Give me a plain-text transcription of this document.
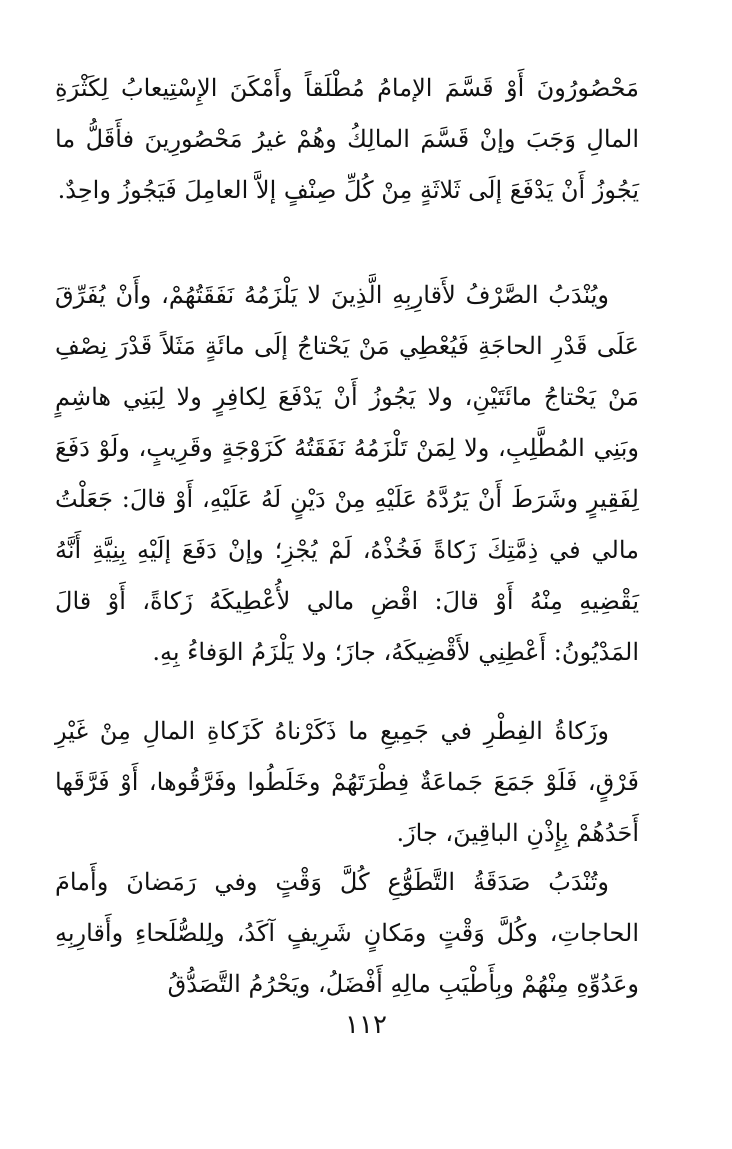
مَحْصُورُونَ أَوْ قَسَّمَ الإمامُ مُطْلَقاً وأَمْكَنَ الإِسْتِيعابُ لِكَثْرَةِ المالِ وَجَبَ وإنْ قَسَّمَ المالِكُ وهُمْ غيرُ مَحْصُورِينَ فأَقَلُّ ما يَجُوزُ أَنْ يَدْفَعَ إلَى ثَلاثَةٍ مِنْ كُلِّ صِنْفٍ إلاَّ العامِلَ فَيَجُوزُ واحِدٌ.

ويُنْدَبُ الصَّرْفُ لأَقارِبِهِ الَّذِينَ لا يَلْزَمُهُ نَفَقَتُهُمْ، وأَنْ يُفَرِّقَ عَلَى قَدْرِ الحاجَةِ فَيُعْطِي مَنْ يَحْتاجُ إلَى مائَةٍ مَثَلاً قَدْرَ نِصْفِ مَنْ يَحْتاجُ مائَتَيْنِ، ولا يَجُوزُ أَنْ يَدْفَعَ لِكافِرٍ ولا لِبَنِي هاشِمٍ وبَنِي المُطَّلِبِ، ولا لِمَنْ تَلْزَمُهُ نَفَقَتُهُ كَزَوْجَةٍ وقَرِيبٍ، ولَوْ دَفَعَ لِفَقِيرٍ وشَرَطَ أَنْ يَرُدَّهُ عَلَيْهِ مِنْ دَيْنٍ لَهُ عَلَيْهِ، أَوْ قالَ: جَعَلْتُ مالي في ذِمَّتِكَ زَكاةً فَخُذْهُ، لَمْ يُجْزِ؛ وإنْ دَفَعَ إلَيْهِ بِنِيَّةِ أَنَّهُ يَقْضِيهِ مِنْهُ أَوْ قالَ: اقْضِ مالي لأُعْطِيكَهُ زَكاةً، أَوْ قالَ المَدْيُونُ: أَعْطِنِي لأَقْضِيكَهُ، جازَ؛ ولا يَلْزَمُ الوَفاءُ بِهِ.

وزَكاةُ الفِطْرِ في جَمِيعِ ما ذَكَرْناهُ كَزَكاةِ المالِ مِنْ غَيْرِ فَرْقٍ، فَلَوْ جَمَعَ جَماعَةٌ فِطْرَتَهُمْ وخَلَطُوا وفَرَّقُوها، أَوْ فَرَّقَها أَحَدُهُمْ بِإِذْنِ الباقِينَ، جازَ.

وتُنْدَبُ صَدَقَةُ التَّطَوُّعِ كُلَّ وَقْتٍ وفي رَمَضانَ وأَمامَ الحاجاتِ، وكُلَّ وَقْتٍ ومَكانٍ شَرِيفٍ آكَدُ، ولِلصُّلَحاءِ وأَقارِبِهِ وعَدُوِّهِ مِنْهُمْ وبِأَطْيَبِ مالِهِ أَفْضَلُ، ويَحْرُمُ التَّصَدُّقُ

١١٢
